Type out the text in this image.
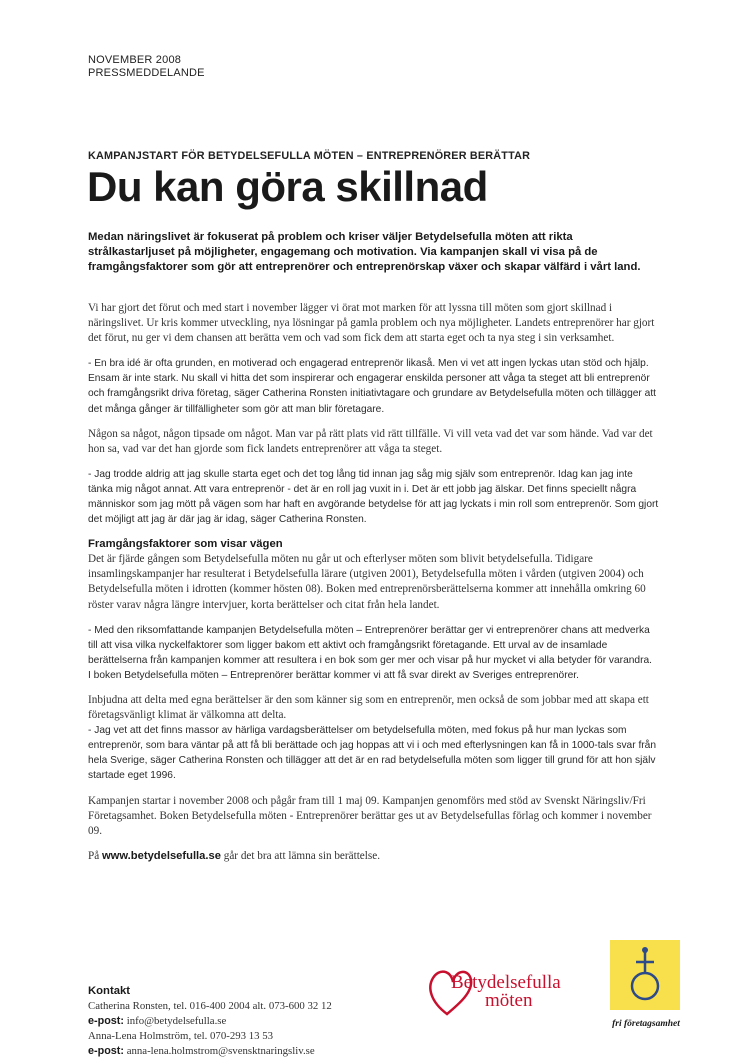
NOVEMBER 2008
PRESSMEDDELANDE
KAMPANJSTART FÖR BETYDELSEFULLA MÖTEN – ENTREPRENÖRER BERÄTTAR
Du kan göra skillnad
Medan näringslivet är fokuserat på problem och kriser väljer Betydelsefulla möten att rikta strålkastarljuset på möjligheter, engagemang och motivation. Via kampanjen skall vi visa på de framgångsfaktorer som gör att entreprenörer och entreprenörskap växer och skapar välfärd i vårt land.

Vi har gjort det förut och med start i november lägger vi örat mot marken för att lyssna till möten som gjort skillnad i näringslivet. Ur kris kommer utveckling, nya lösningar på gamla problem och nya möjligheter. Landets entreprenörer har gjort det förut, nu ger vi dem chansen att berätta vem och vad som fick dem att starta eget och ta nya steg i sin verksamhet.

- En bra idé är ofta grunden, en motiverad och engagerad entreprenör likaså. Men vi vet att ingen lyckas utan stöd och hjälp. Ensam är inte stark. Nu skall vi hitta det som inspirerar och engagerar enskilda personer att våga ta steget att bli entreprenör och framgångsrikt driva företag, säger Catherina Ronsten initiativtagare och grundare av Betydelsefulla möten och tillägger att det många gånger är tillfälligheter som gör att man blir företagare.

Någon sa något, någon tipsade om något. Man var på rätt plats vid rätt tillfälle. Vi vill veta vad det var som hände. Vad var det hon sa, vad var det han gjorde som fick landets entreprenörer att våga ta steget.

- Jag trodde aldrig att jag skulle starta eget och det tog lång tid innan jag såg mig själv som entreprenör. Idag kan jag inte tänka mig något annat. Att vara entreprenör - det är en roll jag vuxit in i. Det är ett jobb jag älskar. Det finns speciellt några människor som jag mött på vägen som har haft en avgörande betydelse för att jag lyckats i min roll som entreprenör. Som gjort det möjligt att jag är där jag är idag, säger Catherina Ronsten.

Framgångsfaktorer som visar vägen

Det är fjärde gången som Betydelsefulla möten nu går ut och efterlyser möten som blivit betydelsefulla. Tidigare insamlingskampanjer har resulterat i Betydelsefulla lärare (utgiven 2001), Betydelsefulla möten i vården (utgiven 2004) och Betydelsefulla möten i idrotten (kommer hösten 08). Boken med entreprenörsberättelserna kommer att innehålla omkring 60 röster varav några längre intervjuer, korta berättelser och citat från hela landet.

- Med den riksomfattande kampanjen Betydelsefulla möten – Entreprenörer berättar ger vi entreprenörer chans att medverka till att visa vilka nyckelfaktorer som ligger bakom ett aktivt och framgångsrikt företagande. Ett urval av de insamlade berättelserna från kampanjen kommer att resultera i en bok som ger mer och visar på hur mycket vi alla betyder för varandra.

I boken Betydelsefulla möten – Entreprenörer berättar kommer vi att få svar direkt av Sveriges entreprenörer.

Inbjudna att delta med egna berättelser är den som känner sig som en entreprenör, men också de som jobbar med att skapa ett företagsvänligt klimat är välkomna att delta.

- Jag vet att det finns massor av härliga vardagsberättelser om betydelsefulla möten, med fokus på hur man lyckas som entreprenör, som bara väntar på att få bli berättade och jag hoppas att vi i och med efterlysningen kan få in 1000-tals svar från hela Sverige, säger Catherina Ronsten och tillägger att det är en rad betydelsefulla möten som ligger till grund för att hon själv startade eget 1996.

Kampanjen startar i november 2008 och pågår fram till 1 maj 09. Kampanjen genomförs med stöd av Svenskt Näringsliv/Fri Företagsamhet. Boken Betydelsefulla möten - Entreprenörer berättar ges ut av Betydelsefullas förlag och kommer i november 09.

På www.betydelsefulla.se går det bra att lämna sin berättelse.

Kontakt
Catherina Ronsten, tel. 016-400 2004 alt. 073-600 32 12
e-post: info@betydelsefulla.se
Anna-Lena Holmström, tel. 070-293 13 53
e-post: anna-lena.holmstrom@svensktnaringsliv.se
Betydelsefulla
möten
fri företagsamhet
